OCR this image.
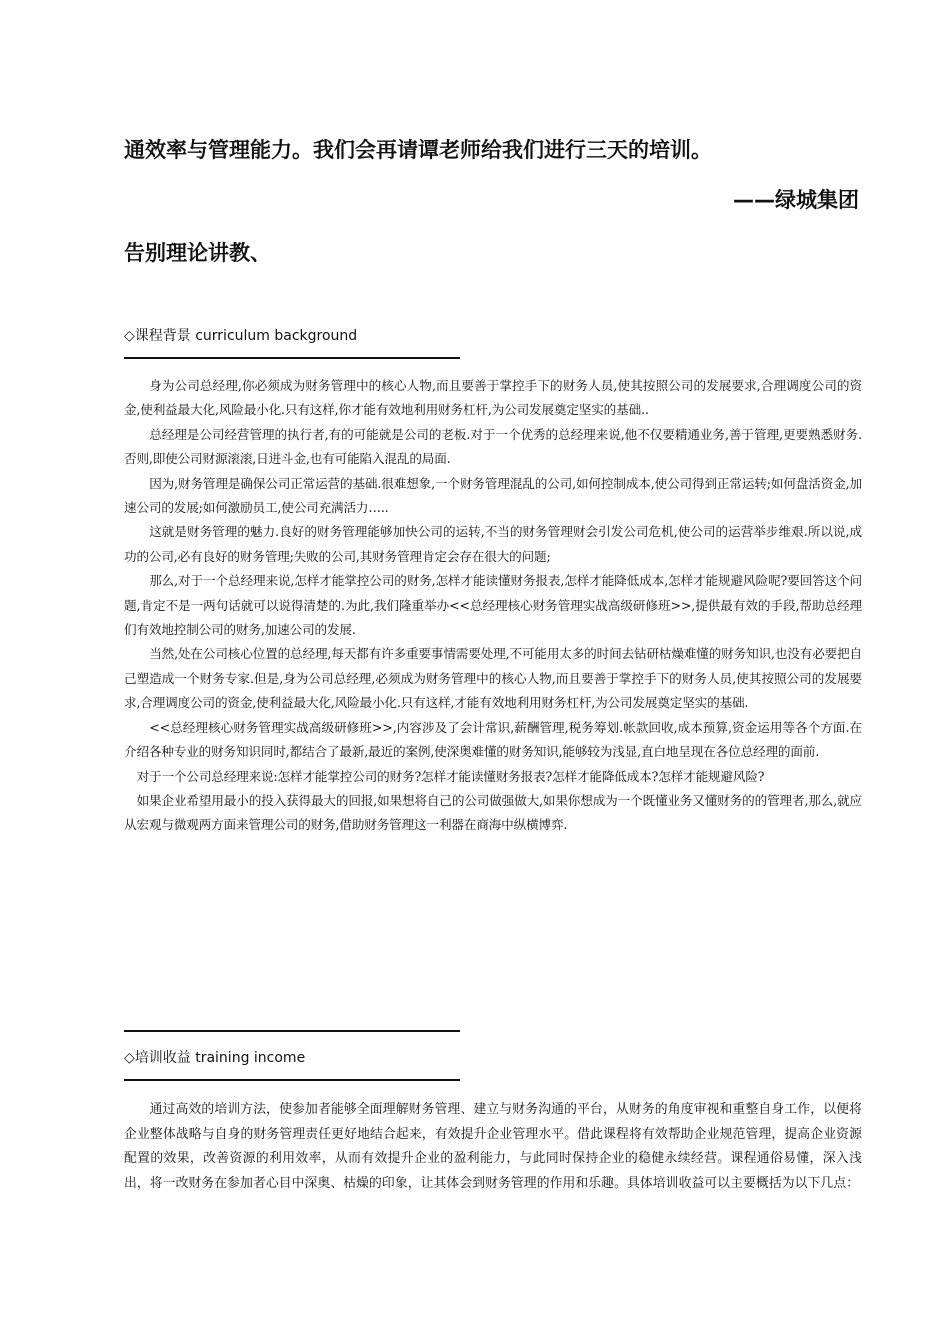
通效率与管理能力。我们会再请谭老师给我们进行三天的培训。
——绿城集团
告别理论讲教、
◇课程背景 curriculum background

身为公司总经理,你必须成为财务管理中的核心人物,而且要善于掌控手下的财务人员,使其按照公司的发展要求,合理调度公司的资金,使利益最大化,风险最小化.只有这样,你才能有效地利用财务杠杆,为公司发展奠定坚实的基础..

总经理是公司经营管理的执行者,有的可能就是公司的老板.对于一个优秀的总经理来说,他不仅要精通业务,善于管理,更要熟悉财务.否则,即使公司财源滚滚,日进斗金,也有可能陷入混乱的局面.

因为,财务管理是确保公司正常运营的基础.很难想象,一个财务管理混乱的公司,如何控制成本,使公司得到正常运转;如何盘活资金,加速公司的发展;如何激励员工,使公司充满活力…..

这就是财务管理的魅力.良好的财务管理能够加快公司的运转,不当的财务管理财会引发公司危机,使公司的运营举步维艰.所以说,成功的公司,必有良好的财务管理;失败的公司,其财务管理肯定会存在很大的问题;

那么,对于一个总经理来说,怎样才能掌控公司的财务,怎样才能读懂财务报表,怎样才能降低成本,怎样才能规避风险呢?要回答这个问题,肯定不是一两句话就可以说得清楚的.为此,我们隆重举办<<总经理核心财务管理实战高级研修班>>,提供最有效的手段,帮助总经理们有效地控制公司的财务,加速公司的发展.

当然,处在公司核心位置的总经理,每天都有许多重要事情需要处理,不可能用太多的时间去钻研枯燥难懂的财务知识,也没有必要把自己塑造成一个财务专家.但是,身为公司总经理,必须成为财务管理中的核心人物,而且要善于掌控手下的财务人员,使其按照公司的发展要求,合理调度公司的资金,使利益最大化,风险最小化.只有这样,才能有效地利用财务杠杆,为公司发展奠定坚实的基础.

<<总经理核心财务管理实战高级研修班>>,内容涉及了会计常识,薪酬管理,税务筹划.帐款回收,成本预算,资金运用等各个方面.在介绍各种专业的财务知识同时,都结合了最新,最近的案例,使深奥难懂的财务知识,能够较为浅显,直白地呈现在各位总经理的面前.

对于一个公司总经理来说:怎样才能掌控公司的财务?怎样才能读懂财务报表?怎样才能降低成本?怎样才能规避风险?

如果企业希望用最小的投入获得最大的回报,如果想将自己的公司做强做大,如果你想成为一个既懂业务又懂财务的的管理者,那么,就应从宏观与微观两方面来管理公司的财务,借助财务管理这一利器在商海中纵横博弈.

◇培训收益 training income

通过高效的培训方法，使参加者能够全面理解财务管理、建立与财务沟通的平台，从财务的角度审视和重整自身工作，以便将企业整体战略与自身的财务管理责任更好地结合起来，有效提升企业管理水平。借此课程将有效帮助企业规范管理，提高企业资源配置的效果，改善资源的利用效率，从而有效提升企业的盈利能力，与此同时保持企业的稳健永续经营。课程通俗易懂，深入浅出，将一改财务在参加者心目中深奥、枯燥的印象，让其体会到财务管理的作用和乐趣。具体培训收益可以主要概括为以下几点：
